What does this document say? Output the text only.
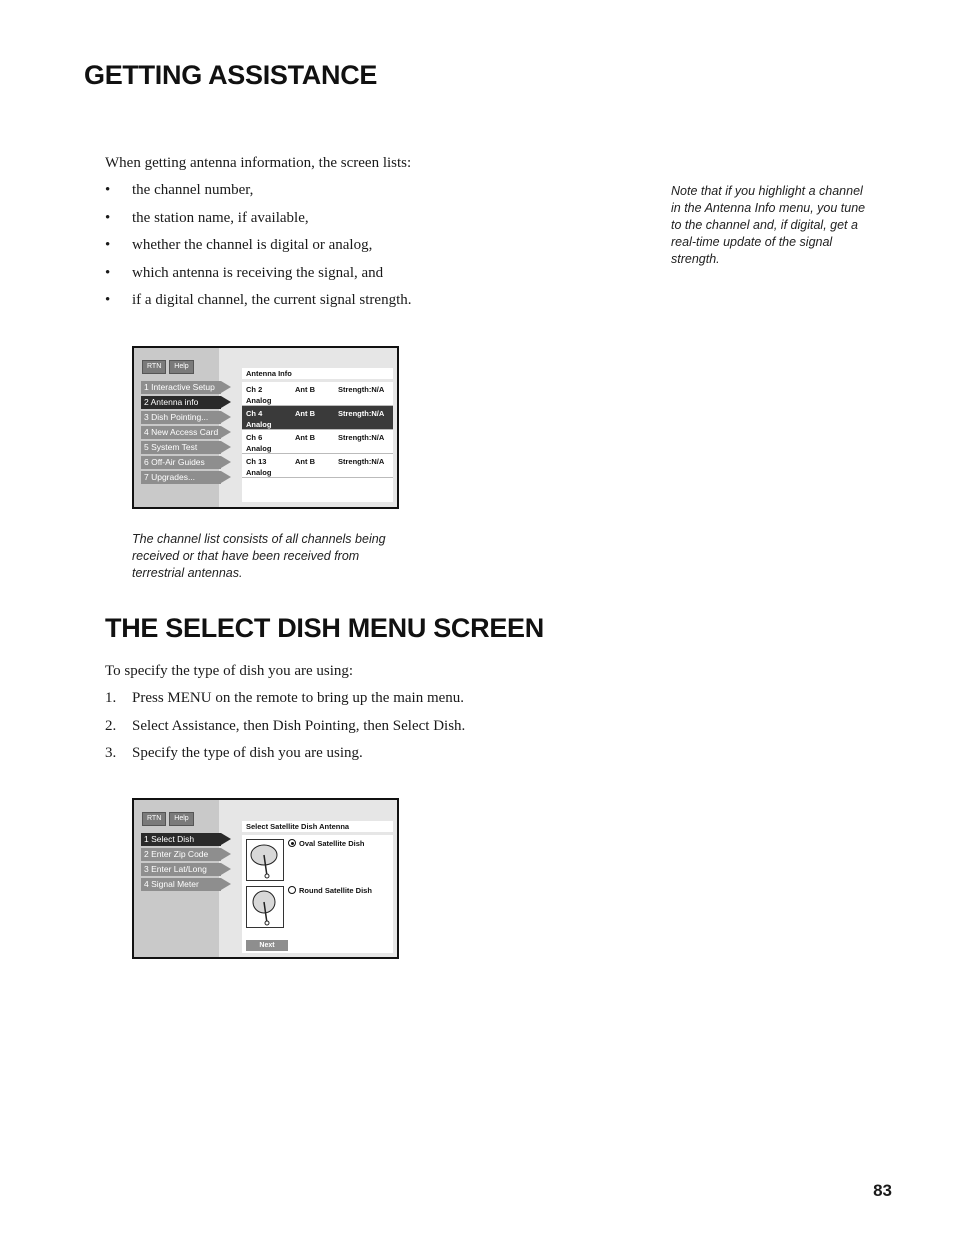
GETTING ASSISTANCE
When getting antenna information, the screen lists:
• the channel number,
• the station name, if available,
• whether the channel is digital or analog,
• which antenna is receiving the signal, and
• if a digital channel, the current signal strength.
Note that if you highlight a channel in the Antenna Info menu, you tune to the channel and, if digital, get a real-time update of the signal strength.
RTN	Help
1 Interactive Setup
2 Antenna info
3 Dish Pointing...
4 New Access Card
5 System Test
6 Off-Air Guides
7 Upgrades...
Antenna Info
Ch 2	Ant B	Strength:N/A
Analog
Ch 4	Ant B	Strength:N/A
Analog
Ch 6	Ant B	Strength:N/A
Analog
Ch 13	Ant B	Strength:N/A
Analog
The channel list consists of all channels being received or that have been received from terrestrial antennas.
THE SELECT DISH MENU SCREEN
To specify the type of dish you are using:
1. Press MENU on the remote to bring up the main menu.
2. Select Assistance, then Dish Pointing, then Select Dish.
3. Specify the type of dish you are using.
RTN	Help
1 Select Dish
2 Enter Zip Code
3 Enter Lat/Long
4 Signal Meter
Select Satellite Dish Antenna
Oval Satellite Dish
Round Satellite Dish
Next
83
